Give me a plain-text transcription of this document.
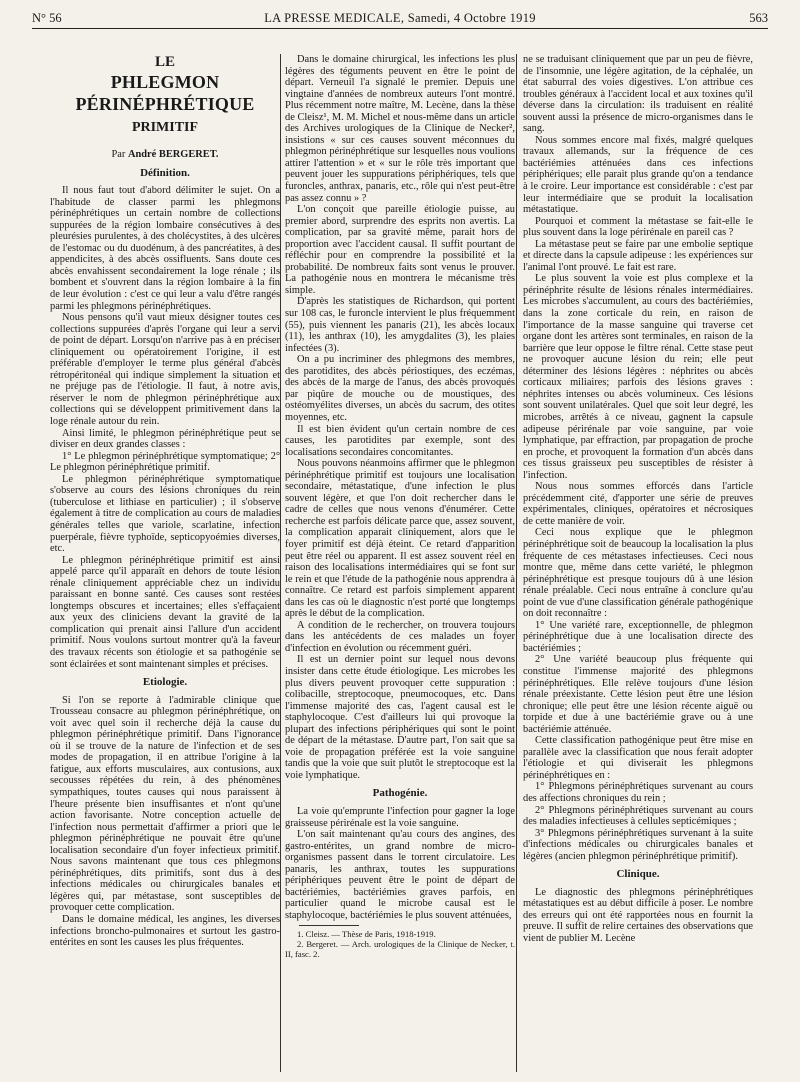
N° 56	LA PRESSE MEDICALE, Samedi, 4 Octobre 1919	563

LE

PHLEGMON PÉRINÉPHRÉTIQUE

PRIMITIF

Par André BERGERET.

Définition.

Il nous faut tout d'abord délimiter le sujet. On a l'habitude de classer parmi les phlegmons périnéphrétiques un certain nombre de collections suppurées de la région lombaire consécutives à des pleurésies purulentes, à des cholécystites, à des ulcères de l'estomac ou du duodénum, à des pancréatites, à des appendicites, à des abcès ossifluents. Sans doute ces abcès envahissent secondairement la loge rénale ; ils bombent et s'ouvrent dans la région lombaire à la fin de leur évolution : c'est ce qui leur a valu d'être rangés parmi les phlegmons périnéphrétiques.

Nous pensons qu'il vaut mieux désigner toutes ces collections suppurées d'après l'organe qui leur a servi de point de départ. Lorsqu'on n'arrive pas à en préciser cliniquement ou opératoirement l'origine, il est préférable d'employer le terme plus général d'abcès rétropéritonéal qui indique simplement la situation et ne préjuge pas de l'étiologie. Il faut, à notre avis, réserver le nom de phlegmon périnéphrétique aux collections qui se développent primitivement dans la loge rénale autour du rein.

Ainsi limité, le phlegmon périnéphrétique peut se diviser en deux grandes classes :

1° Le phlegmon périnéphrétique symptomatique; 2° Le phlegmon périnéphrétique primitif.

Le phlegmon périnéphrétique symptomatique s'observe au cours des lésions chroniques du rein (tuberculose et lithiase en particulier) ; il s'observe également à titre de complication au cours de maladies générales telles que variole, scarlatine, infection puerpérale, fièvre typhoïde, septicopyoémies diverses, etc.

Le phlegmon périnéphrétique primitif est ainsi appelé parce qu'il apparaît en dehors de toute lésion rénale cliniquement appréciable chez un individu paraissant en bonne santé. Ces causes sont restées longtemps obscures et incertaines; elles s'effaçaient aux yeux des cliniciens devant la gravité de la complication qui prenait ainsi l'allure d'un accident primitif. Nous voulons surtout montrer qu'à la faveur des travaux récents son étiologie et sa pathogénie se sont éclairées et sont maintenant simples et précises.

Etiologie.

Si l'on se reporte à l'admirable clinique que Trousseau consacre au phlegmon périnéphrétique, on voit avec quel soin il recherche déjà la cause du phlegmon périnéphrétique primitif. Dans l'ignorance où il se trouve de la nature de l'infection et de ses modes de propagation, il en attribue l'origine à la fatigue, aux efforts musculaires, aux contusions, aux secousses répétées du rein, à des phénomènes sympathiques, toutes causes qui nous paraissent à l'heure présente bien insuffisantes et n'ont qu'une action favorisante. Notre conception actuelle de l'infection nous permettait d'affirmer a priori que le phlegmon périnéphrétique ne pouvait être qu'une localisation secondaire d'un foyer infectieux primitif. Nous savons maintenant que tous ces phlegmons périnéphrétiques, dits primitifs, sont dus à des infections médicales ou chirurgicales banales et légères qui, par métastase, sont susceptibles de provoquer cette complication.

Dans le domaine médical, les angines, les diverses infections broncho-pulmonaires et surtout les gastro-entérites en sont les causes les plus fréquentes.

Dans le domaine chirurgical, les infections les plus légères des téguments peuvent en être le point de départ. Verneuil l'a signalé le premier. Depuis une vingtaine d'années de nombreux auteurs l'ont montré. Plus récemment notre maître, M. Lecène, dans la thèse de Cleisz¹, M. M. Michel et nous-même dans un article des Archives urologiques de la Clinique de Necker², insistions « sur ces causes souvent méconnues du phlegmon périnéphrétique sur lesquelles nous voulions attirer l'attention » et « sur le rôle très important que peuvent jouer les suppurations périphériques, tels que furoncles, anthrax, panaris, etc., rôle qui n'est peut-être pas assez connu » ?

L'on conçoit que pareille étiologie puisse, au premier abord, surprendre des esprits non avertis. La complication, par sa gravité même, parait hors de proportion avec l'accident causal. Il suffit pourtant de réfléchir pour en comprendre la possibilité et la probabilité. De nombreux faits sont venus le prouver. La pathogénie nous en montrera le mécanisme très simple.

D'après les statistiques de Richardson, qui portent sur 108 cas, le furoncle intervient le plus fréquemment (55), puis viennent les panaris (21), les abcès locaux (11), les anthrax (10), les amygdalites (3), les plaies infectées (3).

On a pu incriminer des phlegmons des membres, des parotidites, des abcès périostiques, des eczémas, des abcès de la marge de l'anus, des abcès provoqués par piqûre de mouche ou de moustiques, des ostéomyélites diverses, un abcès du sacrum, des otites moyennes, etc.

Il est bien évident qu'un certain nombre de ces causes, les parotidites par exemple, sont des localisations secondaires concomitantes.

Nous pouvons néanmoins affirmer que le phlegmon périnéphrétique primitif est toujours une localisation secondaire, métastatique, d'une infection le plus souvent légère, et que l'on doit rechercher dans le cadre de celles que nous venons d'énumérer. Cette recherche est parfois délicate parce que, assez souvent, la complication apparait cliniquement, alors que le foyer primitif est déjà éteint. Ce retard d'apparition peut être réel ou apparent. Il est assez souvent réel en raison des localisations intermédiaires qui se font sur le rein et que l'étude de la pathogénie nous apprendra à connaître. Ce retard est parfois simplement apparent dans les cas où le diagnostic n'est porté que longtemps après le début de la complication.

A condition de le rechercher, on trouvera toujours dans les antécédents de ces malades un foyer d'infection en évolution ou récemment guéri.

Il est un dernier point sur lequel nous devons insister dans cette étude étiologique. Les microbes les plus divers peuvent provoquer cette suppuration : colibacille, streptocoque, pneumocoques, etc. Dans l'immense majorité des cas, l'agent causal est le staphylocoque. C'est d'ailleurs lui qui provoque la plupart des infections périphériques qui sont le point de départ de la métastase. D'autre part, l'on sait que sa voie de propagation préférée est la voie sanguine tandis que la voie que suit plutôt le streptocoque est la voie lymphatique.

Pathogénie.

La voie qu'emprunte l'infection pour gagner la loge graisseuse périrénale est la voie sanguine.

L'on sait maintenant qu'au cours des angines, des gastro-entérites, un grand nombre de micro-organismes passent dans le torrent circulatoire. Les panaris, les anthrax, toutes les suppurations périphériques peuvent être le point de départ de bactériémies, bactériémies graves parfois, en particulier quand le microbe causal est le staphylocoque, bactériémies le plus souvent atténuées,

1. Cleisz. — Thèse de Paris, 1918-1919.

2. Bergeret. — Arch. urologiques de la Clinique de Necker, t. II, fasc. 2.

ne se traduisant cliniquement que par un peu de fièvre, de l'insomnie, une légère agitation, de la céphalée, un état saburral des voies digestives. L'on attribue ces troubles généraux à l'accident local et aux toxines qu'il déverse dans la circulation: ils traduisent en réalité souvent aussi la présence de micro-organismes dans le sang.

Nous sommes encore mal fixés, malgré quelques travaux allemands, sur la fréquence de ces bactériémies atténuées dans ces infections périphériques; elle parait plus grande qu'on a tendance à le croire. Leur importance est considérable : c'est par leur intermédiaire que se produit la localisation métastatique.

Pourquoi et comment la métastase se fait-elle le plus souvent dans la loge périrénale en pareil cas ?

La métastase peut se faire par une embolie septique et directe dans la capsule adipeuse : les expériences sur l'animal l'ont prouvé. Le fait est rare.

Le plus souvent la voie est plus complexe et la périnéphrite résulte de lésions rénales intermédiaires. Les microbes s'accumulent, au cours des bactériémies, dans la zone corticale du rein, en raison de l'importance de la masse sanguine qui traverse cet organe dont les artères sont terminales, en raison de la barrière que leur oppose le filtre rénal. Cette stase peut ne provoquer aucune lésion du rein; elle peut déterminer des lésions légères : néphrites ou abcès corticaux miliaires; parfois des lésions graves : néphrites intenses ou abcès volumineux. Ces lésions sont souvent unilatérales. Quel que soit leur degré, les microbes, arrêtés à ce niveau, gagnent la capsule adipeuse périrénale par voie sanguine, par voie lymphatique, par effraction, par propagation de proche en proche, et provoquent la formation d'un abcès dans ces tissus graisseux peu susceptibles de résister à l'infection.

Nous nous sommes efforcés dans l'article précédemment cité, d'apporter une série de preuves expérimentales, cliniques, opératoires et nécrosiques de cette manière de voir.

Ceci nous explique que le phlegmon périnéphrétique soit de beaucoup la localisation la plus fréquente de ces métastases infectieuses. Ceci nous montre que, même dans cette variété, le phlegmon périnéphrétique est presque toujours dû à une lésion rénale préalable. Ceci nous entraîne à conclure qu'au point de vue d'une classification générale pathogénique on doit reconnaître :

1° Une variété rare, exceptionnelle, de phlegmon périnéphrétique due à une localisation directe des bactériémies ;

2° Une variété beaucoup plus fréquente qui constitue l'immense majorité des phlegmons périnéphrétiques. Elle relève toujours d'une lésion rénale préexistante. Cette lésion peut être une lésion chronique; elle peut être une lésion récente aiguë ou torpide et due à une bactériémie grave ou à une bactériémie atténuée.

Cette classification pathogénique peut être mise en parallèle avec la classification que nous ferait adopter l'étiologie et qui diviserait les phlegmons périnéphrétiques en :

1° Phlegmons périnéphrétiques survenant au cours des affections chroniques du rein ;

2° Phlegmons périnéphrétiques survenant au cours des maladies infectieuses à cellules septicémiques ;

3° Phlegmons périnéphrétiques survenant à la suite d'infections médicales ou chirurgicales banales et légères (ancien phlegmon périnéphrétique primitif).

Clinique.

Le diagnostic des phlegmons périnéphrétiques métastatiques est au début difficile à poser. Le nombre des erreurs qui ont été rapportées nous en fournit la preuve. Il suffit de relire certaines des observations que vient de publier M. Lecène
